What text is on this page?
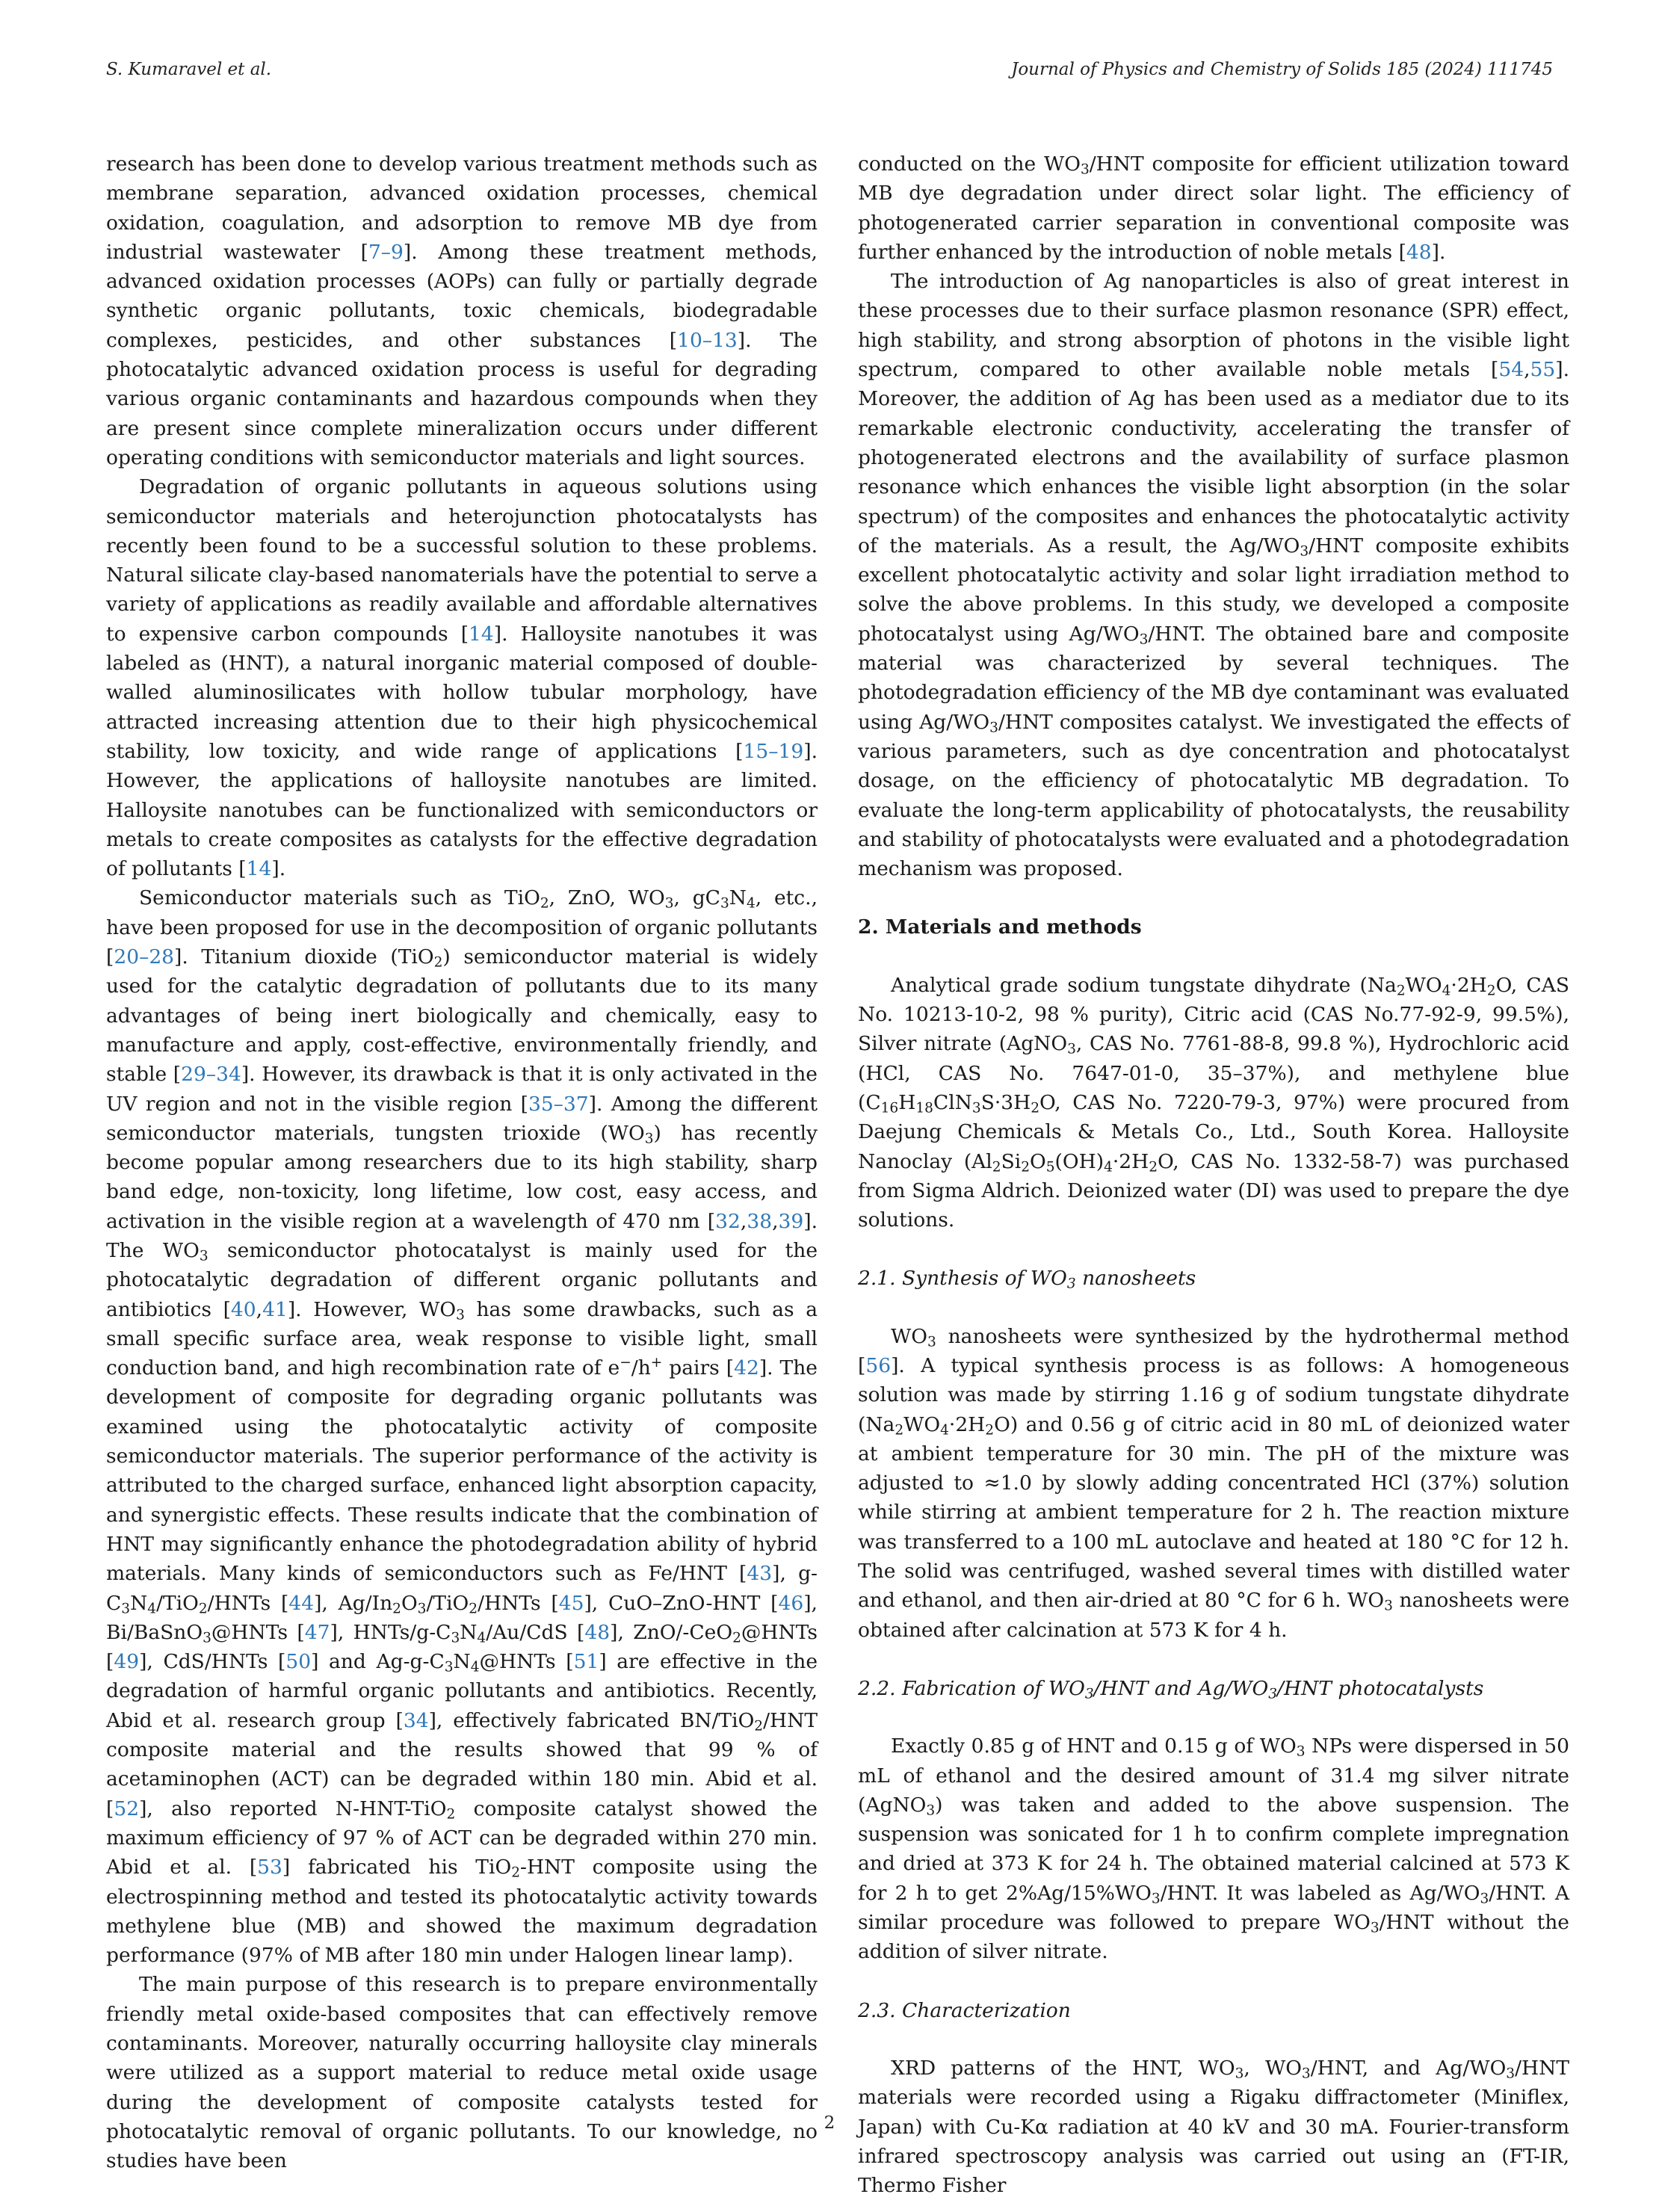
S. Kumaravel et al.	Journal of Physics and Chemistry of Solids 185 (2024) 111745

research has been done to develop various treatment methods such as membrane separation, advanced oxidation processes, chemical oxidation, coagulation, and adsorption to remove MB dye from industrial wastewater [7–9]. Among these treatment methods, advanced oxidation processes (AOPs) can fully or partially degrade synthetic organic pollutants, toxic chemicals, biodegradable complexes, pesticides, and other substances [10–13]. The photocatalytic advanced oxidation process is useful for degrading various organic contaminants and hazardous compounds when they are present since complete mineralization occurs under different operating conditions with semiconductor materials and light sources.

Degradation of organic pollutants in aqueous solutions using semiconductor materials and heterojunction photocatalysts has recently been found to be a successful solution to these problems. Natural silicate clay-based nanomaterials have the potential to serve a variety of applications as readily available and affordable alternatives to expensive carbon compounds [14]. Halloysite nanotubes it was labeled as (HNT), a natural inorganic material composed of double-walled aluminosilicates with hollow tubular morphology, have attracted increasing attention due to their high physicochemical stability, low toxicity, and wide range of applications [15–19]. However, the applications of halloysite nanotubes are limited. Halloysite nanotubes can be functionalized with semiconductors or metals to create composites as catalysts for the effective degradation of pollutants [14].

Semiconductor materials such as TiO$_2$, ZnO, $WO_3$, $gC_3N_4$, etc., have been proposed for use in the decomposition of organic pollutants [20–28]. Titanium dioxide (TiO$_2$) semiconductor material is widely used for the catalytic degradation of pollutants due to its many advantages of being inert biologically and chemically, easy to manufacture and apply, cost-effective, environmentally friendly, and stable [29–34]. However, its drawback is that it is only activated in the UV region and not in the visible region [35–37]. Among the different semiconductor materials, tungsten trioxide $(WO_3)$ has recently become popular among researchers due to its high stability, sharp band edge, non-toxicity, long lifetime, low cost, easy access, and activation in the visible region at a wavelength of 470 nm [32,38,39]. The $WO_3$ semiconductor photocatalyst is mainly used for the photocatalytic degradation of different organic pollutants and antibiotics [40,41]. However, $WO_3$ has some drawbacks, such as a small specific surface area, weak response to visible light, small conduction band, and high recombination rate of e−/h+ pairs [42]. The development of composite for degrading organic pollutants was examined using the photocatalytic activity of composite semiconductor materials. The superior performance of the activity is attributed to the charged surface, enhanced light absorption capacity, and synergistic effects. These results indicate that the combination of HNT may significantly enhance the photodegradation ability of hybrid materials. Many kinds of semiconductors such as Fe/HNT [43], $g-C_3N_4/TiO_2$/HNTs [44], $Ag/In_2O_3/TiO_2$/HNTs [45], CuO–ZnO-HNT [46], Bi/BaSnO$_3$@HNTs [47], HNTs/$g-C_3N_4/Au$/CdS [48], ZnO/-CeO$_2$@HNTs [49], CdS/HNTs [50] and $Ag-g-C_3N_4@HNTs$ [51] are effective in the degradation of harmful organic pollutants and antibiotics. Recently, Abid et al. research group [34], effectively fabricated BN/TiO$_2$/HNT composite material and the results showed that 99 % of acetaminophen (ACT) can be degraded within 180 min. Abid et al. [52], also reported N-HNT-TiO$_2$ composite catalyst showed the maximum efficiency of 97 % of ACT can be degraded within 270 min. Abid et al. [53] fabricated his TiO$_2$-HNT composite using the electrospinning method and tested its photocatalytic activity towards methylene blue (MB) and showed the maximum degradation performance (97% of MB after 180 min under Halogen linear lamp).

The main purpose of this research is to prepare environmentally friendly metal oxide-based composites that can effectively remove contaminants. Moreover, naturally occurring halloysite clay minerals were utilized as a support material to reduce metal oxide usage during the development of composite catalysts tested for photocatalytic removal of organic pollutants. To our knowledge, no studies have been

conducted on the $WO_3$/HNT composite for efficient utilization toward MB dye degradation under direct solar light. The efficiency of photogenerated carrier separation in conventional composite was further enhanced by the introduction of noble metals [48].

The introduction of Ag nanoparticles is also of great interest in these processes due to their surface plasmon resonance (SPR) effect, high stability, and strong absorption of photons in the visible light spectrum, compared to other available noble metals [54,55]. Moreover, the addition of Ag has been used as a mediator due to its remarkable electronic conductivity, accelerating the transfer of photogenerated electrons and the availability of surface plasmon resonance which enhances the visible light absorption (in the solar spectrum) of the composites and enhances the photocatalytic activity of the materials. As a result, the $Ag/WO_3$/HNT composite exhibits excellent photocatalytic activity and solar light irradiation method to solve the above problems. In this study, we developed a composite photocatalyst using $Ag/WO_3$/HNT. The obtained bare and composite material was characterized by several techniques. The photodegradation efficiency of the MB dye contaminant was evaluated using $Ag/WO_3$/HNT composites catalyst. We investigated the effects of various parameters, such as dye concentration and photocatalyst dosage, on the efficiency of photocatalytic MB degradation. To evaluate the long-term applicability of photocatalysts, the reusability and stability of photocatalysts were evaluated and a photodegradation mechanism was proposed.

2. Materials and methods

Analytical grade sodium tungstate dihydrate ($Na_2WO_4\cdot 2H_2O$, CAS No. 10213-10-2, 98 % purity), Citric acid (CAS No.77-92-9, 99.5%), Silver nitrate (AgNO$_3$, CAS No. 7761-88-8, 99.8 %), Hydrochloric acid (HCl, CAS No. 7647-01-0, 35–37%), and methylene blue ($C_{16}H_{18}ClN_3S\cdot 3H_2O$, CAS No. 7220-79-3, 97%) were procured from Daejung Chemicals & Metals Co., Ltd., South Korea. Halloysite Nanoclay ($Al_2Si_2O_5(OH)_4\cdot 2H_2O$, CAS No. 1332-58-7) was purchased from Sigma Aldrich. Deionized water (DI) was used to prepare the dye solutions.

2.1. Synthesis of $WO_3$ nanosheets

$WO_3$ nanosheets were synthesized by the hydrothermal method [56]. A typical synthesis process is as follows: A homogeneous solution was made by stirring 1.16 g of sodium tungstate dihydrate $(Na_2WO_4\cdot 2H_2O)$ and 0.56 g of citric acid in 80 mL of deionized water at ambient temperature for 30 min. The pH of the mixture was adjusted to ≈1.0 by slowly adding concentrated HCl (37%) solution while stirring at ambient temperature for 2 h. The reaction mixture was transferred to a 100 mL autoclave and heated at 180 °C for 12 h. The solid was centrifuged, washed several times with distilled water and ethanol, and then air-dried at 80 °C for 6 h. $WO_3$ nanosheets were obtained after calcination at 573 K for 4 h.

2.2. Fabrication of $WO_3$/HNT and $Ag/WO_3$/HNT photocatalysts

Exactly 0.85 g of HNT and 0.15 g of $WO_3$ NPs were dispersed in 50 mL of ethanol and the desired amount of 31.4 mg silver nitrate (AgNO$_3$) was taken and added to the above suspension. The suspension was sonicated for 1 h to confirm complete impregnation and dried at 373 K for 24 h. The obtained material calcined at 573 K for 2 h to get $2\%Ag/15\%WO_3$/HNT. It was labeled as $Ag/WO_3$/HNT. A similar procedure was followed to prepare $WO_3$/HNT without the addition of silver nitrate.

2.3. Characterization

XRD patterns of the HNT, $WO_3$, $WO_3$/HNT, and $Ag/WO_3$/HNT materials were recorded using a Rigaku diffractometer (Miniflex, Japan) with Cu-Kα radiation at 40 kV and 30 mA. Fourier-transform infrared spectroscopy analysis was carried out using an (FT-IR, Thermo Fisher

2
